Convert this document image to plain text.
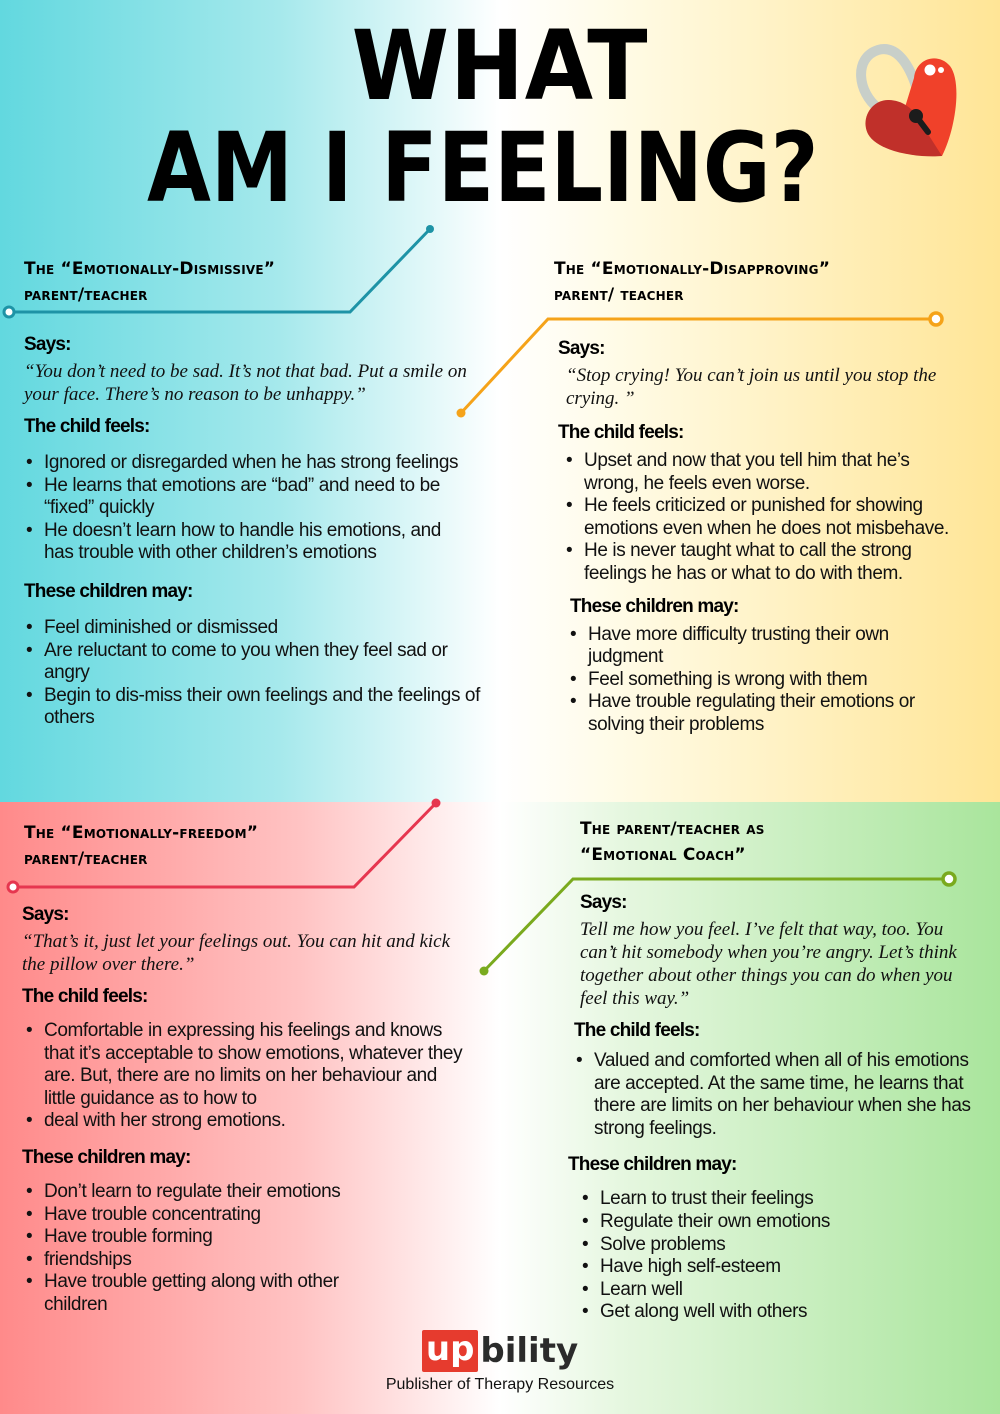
WHAT
AM I FEELING?
The “Emotionally-Dismissive”
parent/teacher

Says:

“You don’t need to be sad. It’s not that bad. Put a smile on your face. There’s no reason to be unhappy.”

The child feels:

• Ignored or disregarded when he has strong feelings
• He learns that emotions are “bad” and need to be “fixed” quickly
• He doesn’t learn how to handle his emotions, and has trouble with other children’s emotions

These children may:

• Feel diminished or dismissed
• Are reluctant to come to you when they feel sad or angry
• Begin to dis-miss their own feelings and the feelings of others
The “Emotionally-Disapproving”
parent/ teacher

Says:

“Stop crying! You can’t join us until you stop the crying. ”

The child feels:

• Upset and now that you tell him that he’s wrong, he feels even worse.
• He feels criticized or punished for showing emotions even when he does not misbehave.
• He is never taught what to call the strong feelings he has or what to do with them.

These children may:

• Have more difficulty trusting their own judgment
• Feel something is wrong with them
• Have trouble regulating their emotions or solving their problems
The “Emotionally-freedom”
parent/teacher

Says:

“That’s it, just let your feelings out. You can hit and kick the pillow over there.”

The child feels:

• Comfortable in expressing his feelings and knows that it’s acceptable to show emotions, whatever they are. But, there are no limits on her behaviour and little guidance as to how to
• deal with her strong emotions.

These children may:

• Don’t learn to regulate their emotions
• Have trouble concentrating
• Have trouble forming
• friendships
• Have trouble getting along with other children
The parent/teacher as
“Emotional Coach”

Says:

Tell me how you feel. I’ve felt that way, too. You can’t hit somebody when you’re angry. Let’s think together about other things you can do when you feel this way.”

The child feels:

• Valued and comforted when all of his emotions are accepted. At the same time, he learns that there are limits on her behaviour when she has strong feelings.

These children may:

• Learn to trust their feelings
• Regulate their own emotions
• Solve problems
• Have high self-esteem
• Learn well
• Get along well with others
up bility
Publisher of Therapy Resources
